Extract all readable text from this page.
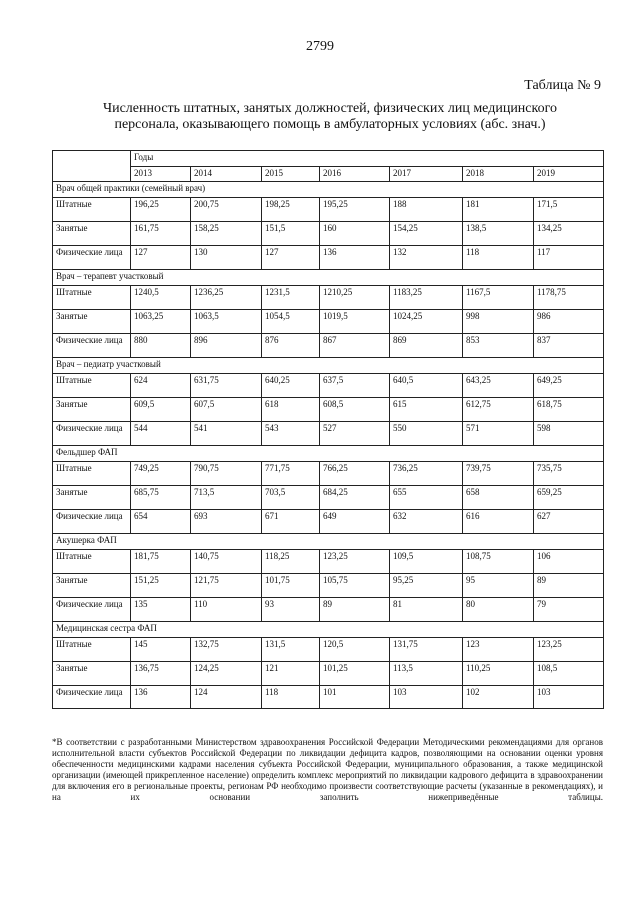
2799
Таблица № 9
Численность штатных, занятых должностей, физических лиц медицинского персонала, оказывающего помощь в амбулаторных условиях (абс. знач.)
	Годы						
	2013	2014	2015	2016	2017	2018	2019
Врач общей практики (семейный врач)							
Штатные	196,25	200,75	198,25	195,25	188	181	171,5
Занятые	161,75	158,25	151,5	160	154,25	138,5	134,25
Физические лица	127	130	127	136	132	118	117
Врач – терапевт участковый							
Штатные	1240,5	1236,25	1231,5	1210,25	1183,25	1167,5	1178,75
Занятые	1063,25	1063,5	1054,5	1019,5	1024,25	998	986
Физические лица	880	896	876	867	869	853	837
Врач – педиатр участковый							
Штатные	624	631,75	640,25	637,5	640,5	643,25	649,25
Занятые	609,5	607,5	618	608,5	615	612,75	618,75
Физические лица	544	541	543	527	550	571	598
Фельдшер ФАП							
Штатные	749,25	790,75	771,75	766,25	736,25	739,75	735,75
Занятые	685,75	713,5	703,5	684,25	655	658	659,25
Физические лица	654	693	671	649	632	616	627
Акушерка ФАП							
Штатные	181,75	140,75	118,25	123,25	109,5	108,75	106
Занятые	151,25	121,75	101,75	105,75	95,25	95	89
Физические лица	135	110	93	89	81	80	79
Медицинская сестра ФАП							
Штатные	145	132,75	131,5	120,5	131,75	123	123,25
Занятые	136,75	124,25	121	101,25	113,5	110,25	108,5
Физические лица	136	124	118	101	103	102	103
*В соответствии с разработанными Министерством здравоохранения Российской Федерации Методическими рекомендациями для органов исполнительной власти субъектов Российской Федерации по ликвидации дефицита кадров, позволяющими на основании оценки уровня обеспеченности медицинскими кадрами населения субъекта Российской Федерации, муниципального образования, а также медицинской организации (имеющей прикрепленное население) определить комплекс мероприятий по ликвидации кадрового дефицита в здравоохранении для включения его в региональные проекты, регионам РФ необходимо произвести соответствующие расчеты (указанные в рекомендациях), и на их основании заполнить нижеприведённые таблицы.
